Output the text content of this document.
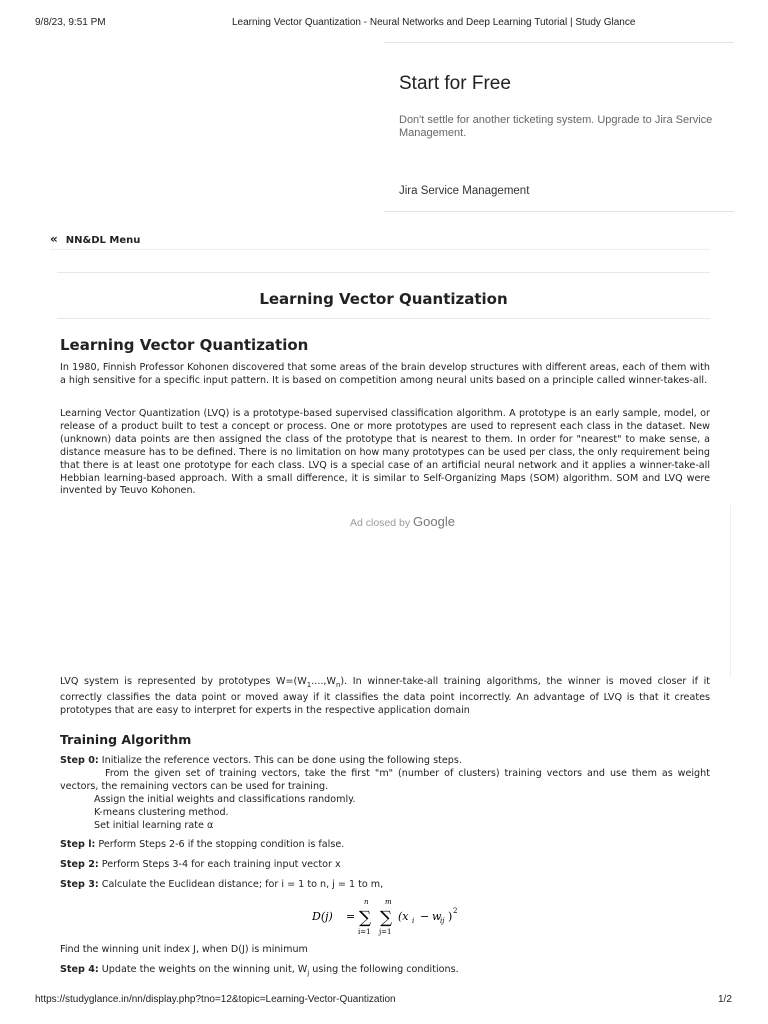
9/8/23, 9:51 PM	Learning Vector Quantization - Neural Networks and Deep Learning Tutorial | Study Glance
Start for Free
Don't settle for another ticketing system. Upgrade to Jira Service Management.
Jira Service Management
« NN&DL Menu
Learning Vector Quantization
Learning Vector Quantization

In 1980, Finnish Professor Kohonen discovered that some areas of the brain develop structures with different areas, each of them with a high sensitive for a specific input pattern. It is based on competition among neural units based on a principle called winner-takes-all.

Learning Vector Quantization (LVQ) is a prototype-based supervised classification algorithm. A prototype is an early sample, model, or release of a product built to test a concept or process. One or more prototypes are used to represent each class in the dataset. New (unknown) data points are then assigned the class of the prototype that is nearest to them. In order for "nearest" to make sense, a distance measure has to be defined. There is no limitation on how many prototypes can be used per class, the only requirement being that there is at least one prototype for each class. LVQ is a special case of an artificial neural network and it applies a winner-take-all Hebbian learning-based approach. With a small difference, it is similar to Self-Organizing Maps (SOM) algorithm. SOM and LVQ were invented by Teuvo Kohonen.

Ad closed by Google

LVQ system is represented by prototypes $W=(W_1....,W_n)$. In winner-take-all training algorithms, the winner is moved closer if it correctly classifies the data point or moved away if it classifies the data point incorrectly. An advantage of LVQ is that it creates prototypes that are easy to interpret for experts in the respective application domain

Training Algorithm
Step 0: Initialize the reference vectors. This can be done using the following steps.
From the given set of training vectors, take the first "m" (number of clusters) training vectors and use them as weight vectors, the remaining vectors can be used for training.
Assign the initial weights and classifications randomly.
K-means clustering method.
Set initial learning rate α
Step l: Perform Steps 2-6 if the stopping condition is false.
Step 2: Perform Steps 3-4 for each training input vector x
Step 3: Calculate the Euclidean distance; for i = 1 to n, j = 1 to m,
D(j) =
n
∑
i=1
m
∑
j=1
(x i − w
ij ) 2
Find the winning unit index J, when D(J) is minimum
Step 4: Update the weights on the winning unit, $W_j$ using the following conditions.
https://studyglance.in/nn/display.php?tno=12&topic=Learning-Vector-Quantization	1/2
